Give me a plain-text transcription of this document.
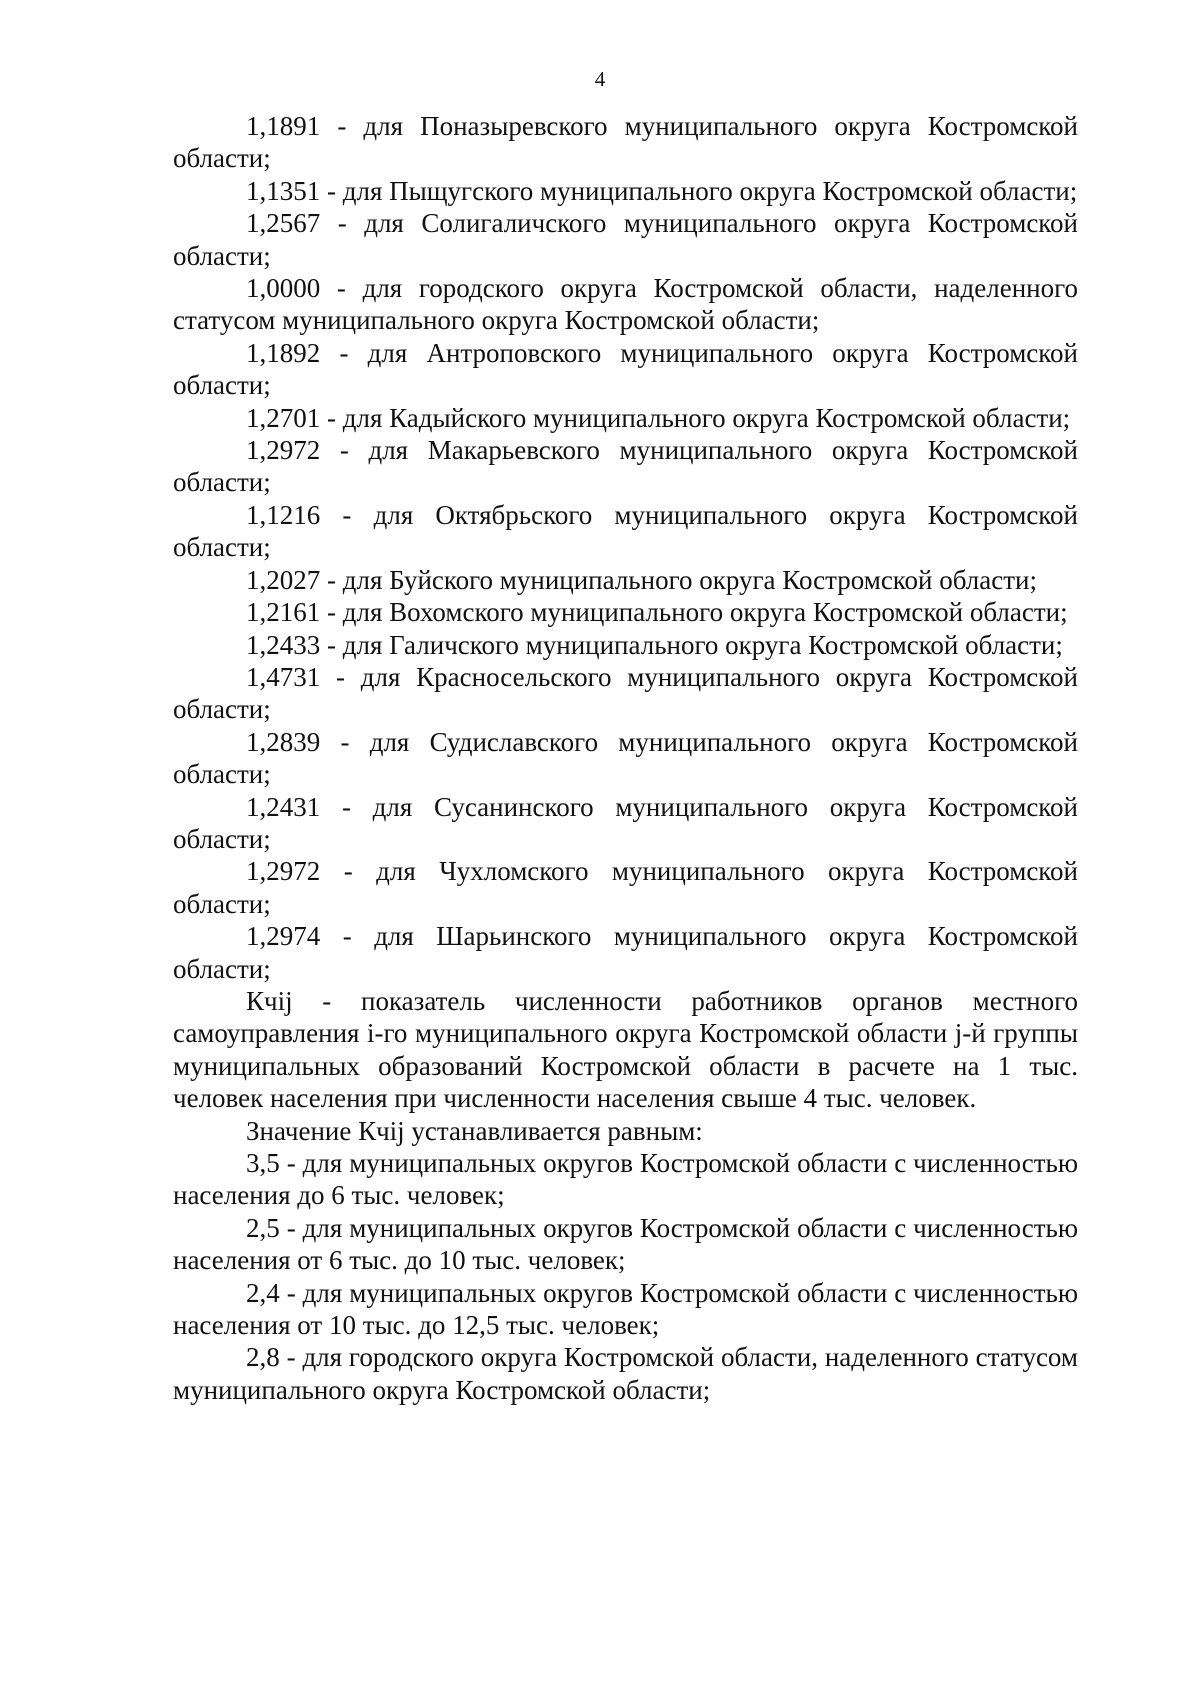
4

1,1891 - для Поназыревского муниципального округа Костромской области;

1,1351 - для Пыщугского муниципального округа Костромской области;

1,2567 - для Солигаличского муниципального округа Костромской области;

1,0000 - для городского округа Костромской области, наделенного статусом муниципального округа Костромской области;

1,1892 - для Антроповского муниципального округа Костромской области;

1,2701 - для Кадыйского муниципального округа Костромской области;

1,2972 - для Макарьевского муниципального округа Костромской области;

1,1216 - для Октябрьского муниципального округа Костромской области;

1,2027 - для Буйского муниципального округа Костромской области;

1,2161 - для Вохомского муниципального округа Костромской области;

1,2433 - для Галичского муниципального округа Костромской области;

1,4731 - для Красносельского муниципального округа Костромской области;

1,2839 - для Судиславского муниципального округа Костромской области;

1,2431 - для Сусанинского муниципального округа Костромской области;

1,2972 - для Чухломского муниципального округа Костромской области;

1,2974 - для Шарьинского муниципального округа Костромской области;

Кчij - показатель численности работников органов местного самоуправления i-го муниципального округа Костромской области j-й группы муниципальных образований Костромской области в расчете на 1 тыс. человек населения при численности населения свыше 4 тыс. человек.

Значение Кчij устанавливается равным:

3,5 - для муниципальных округов Костромской области с численностью населения до 6 тыс. человек;

2,5 - для муниципальных округов Костромской области с численностью населения от 6 тыс. до 10 тыс. человек;

2,4 - для муниципальных округов Костромской области с численностью населения от 10 тыс. до 12,5 тыс. человек;

2,8 - для городского округа Костромской области, наделенного статусом муниципального округа Костромской области;
